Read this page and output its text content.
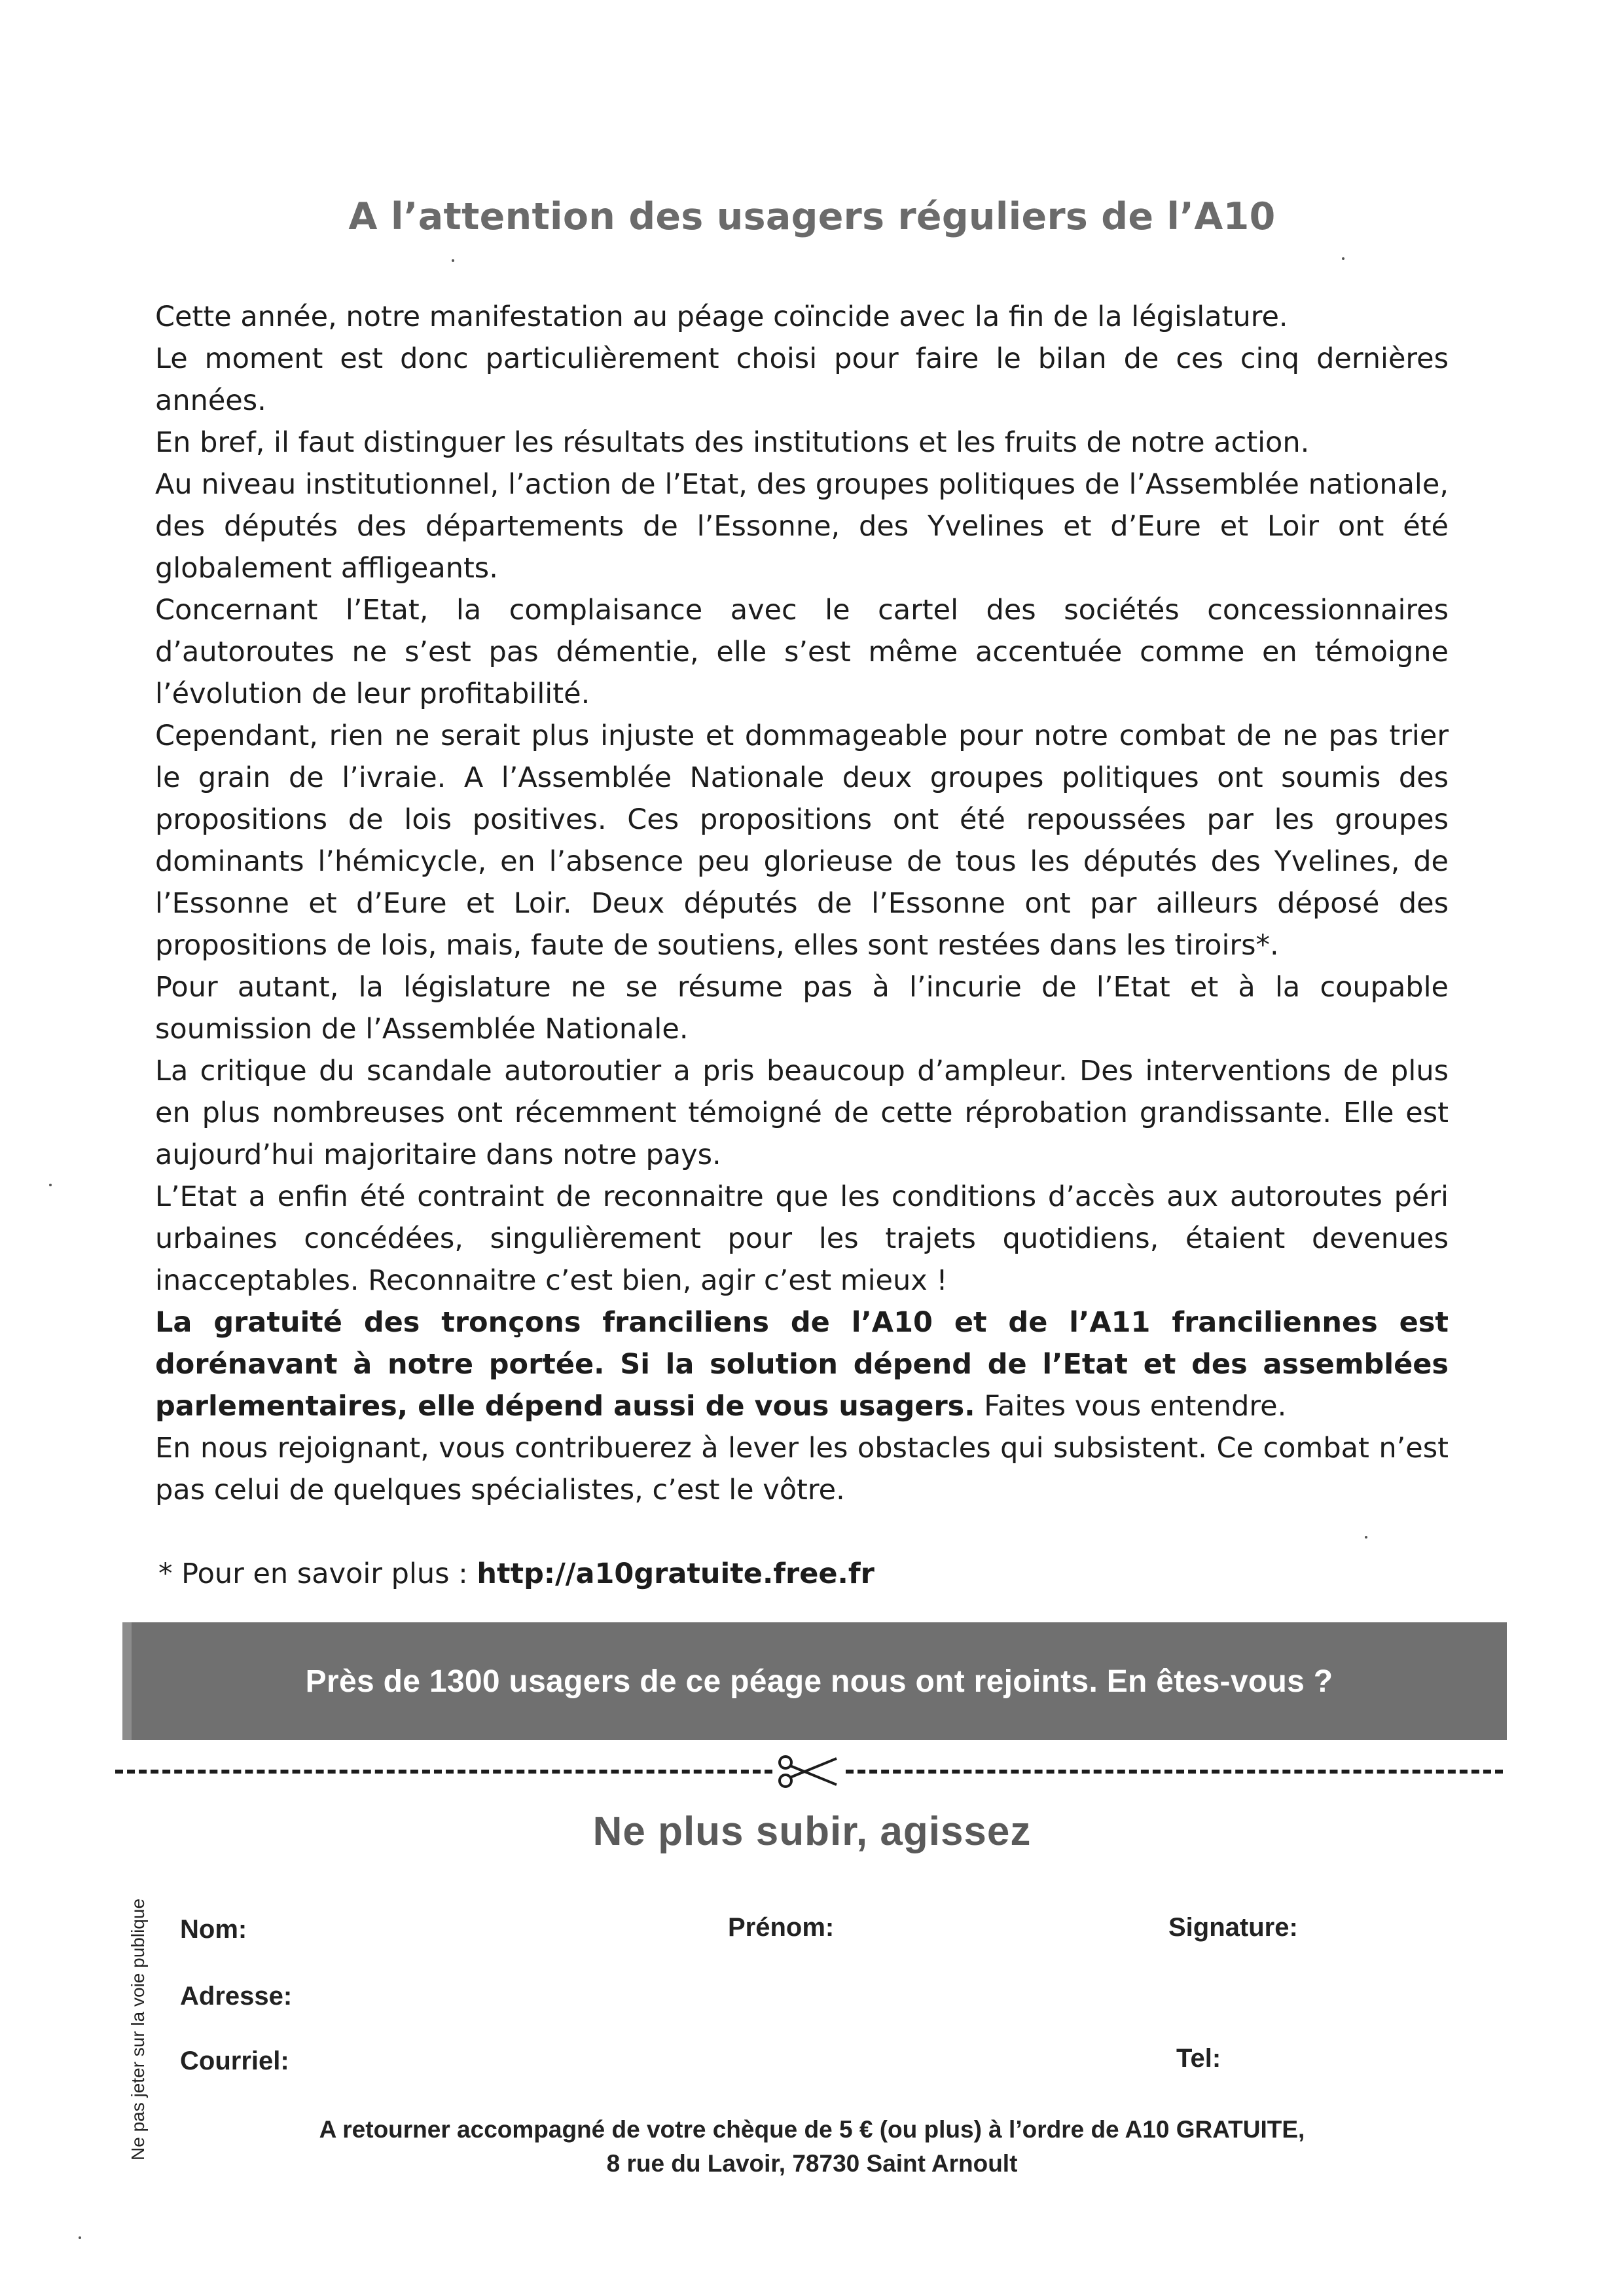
A l’attention des usagers réguliers de l’A10

Cette année, notre manifestation au péage coïncide avec la fin de la législature.

Le moment est donc particulièrement choisi pour faire le bilan de ces cinq dernières années.

En bref, il faut distinguer les résultats des institutions et les fruits de notre action.

Au niveau institutionnel, l’action de l’Etat, des groupes politiques de l’Assemblée nationale, des députés des départements de l’Essonne, des Yvelines et d’Eure et Loir ont été globalement affligeants.

Concernant l’Etat, la complaisance avec le cartel des sociétés concessionnaires d’autoroutes ne s’est pas démentie, elle s’est même accentuée comme en témoigne l’évolution de leur profitabilité.

Cependant, rien ne serait plus injuste et dommageable pour notre combat de ne pas trier le grain de l’ivraie. A l’Assemblée Nationale deux groupes politiques ont soumis des propositions de lois positives. Ces propositions ont été repoussées par les groupes dominants l’hémicycle, en l’absence peu glorieuse de tous les députés des Yvelines, de l’Essonne et d’Eure et Loir. Deux députés de l’Essonne ont par ailleurs déposé des propositions de lois, mais, faute de soutiens, elles sont restées dans les tiroirs*.

Pour autant, la législature ne se résume pas à l’incurie de l’Etat et à la coupable soumission de l’Assemblée Nationale.

La critique du scandale autoroutier a pris beaucoup d’ampleur. Des interventions de plus en plus nombreuses ont récemment témoigné de cette réprobation grandissante. Elle est aujourd’hui majoritaire dans notre pays.

L’Etat a enfin été contraint de reconnaitre que les conditions d’accès aux autoroutes péri urbaines concédées, singulièrement pour les trajets quotidiens, étaient devenues inacceptables. Reconnaitre c’est bien, agir c’est mieux !

La gratuité des tronçons franciliens de l’A10 et de l’A11 franciliennes est dorénavant à notre portée. Si la solution dépend de l’Etat et des assemblées parlementaires, elle dépend aussi de vous usagers. Faites vous entendre.

En nous rejoignant, vous contribuerez à lever les obstacles qui subsistent. Ce combat n’est pas celui de quelques spécialistes, c’est le vôtre.

* Pour en savoir plus : http://a10gratuite.free.fr
Près de 1300 usagers de ce péage nous ont rejoints. En êtes-vous ?
Ne plus subir, agissez
Nom:	Prénom:	Signature:
Adresse:
Courriel:	Tel:
A retourner accompagné de votre chèque de 5 € (ou plus) à l’ordre de A10 GRATUITE,
8 rue du Lavoir, 78730 Saint Arnoult
Ne pas jeter sur la voie publique
